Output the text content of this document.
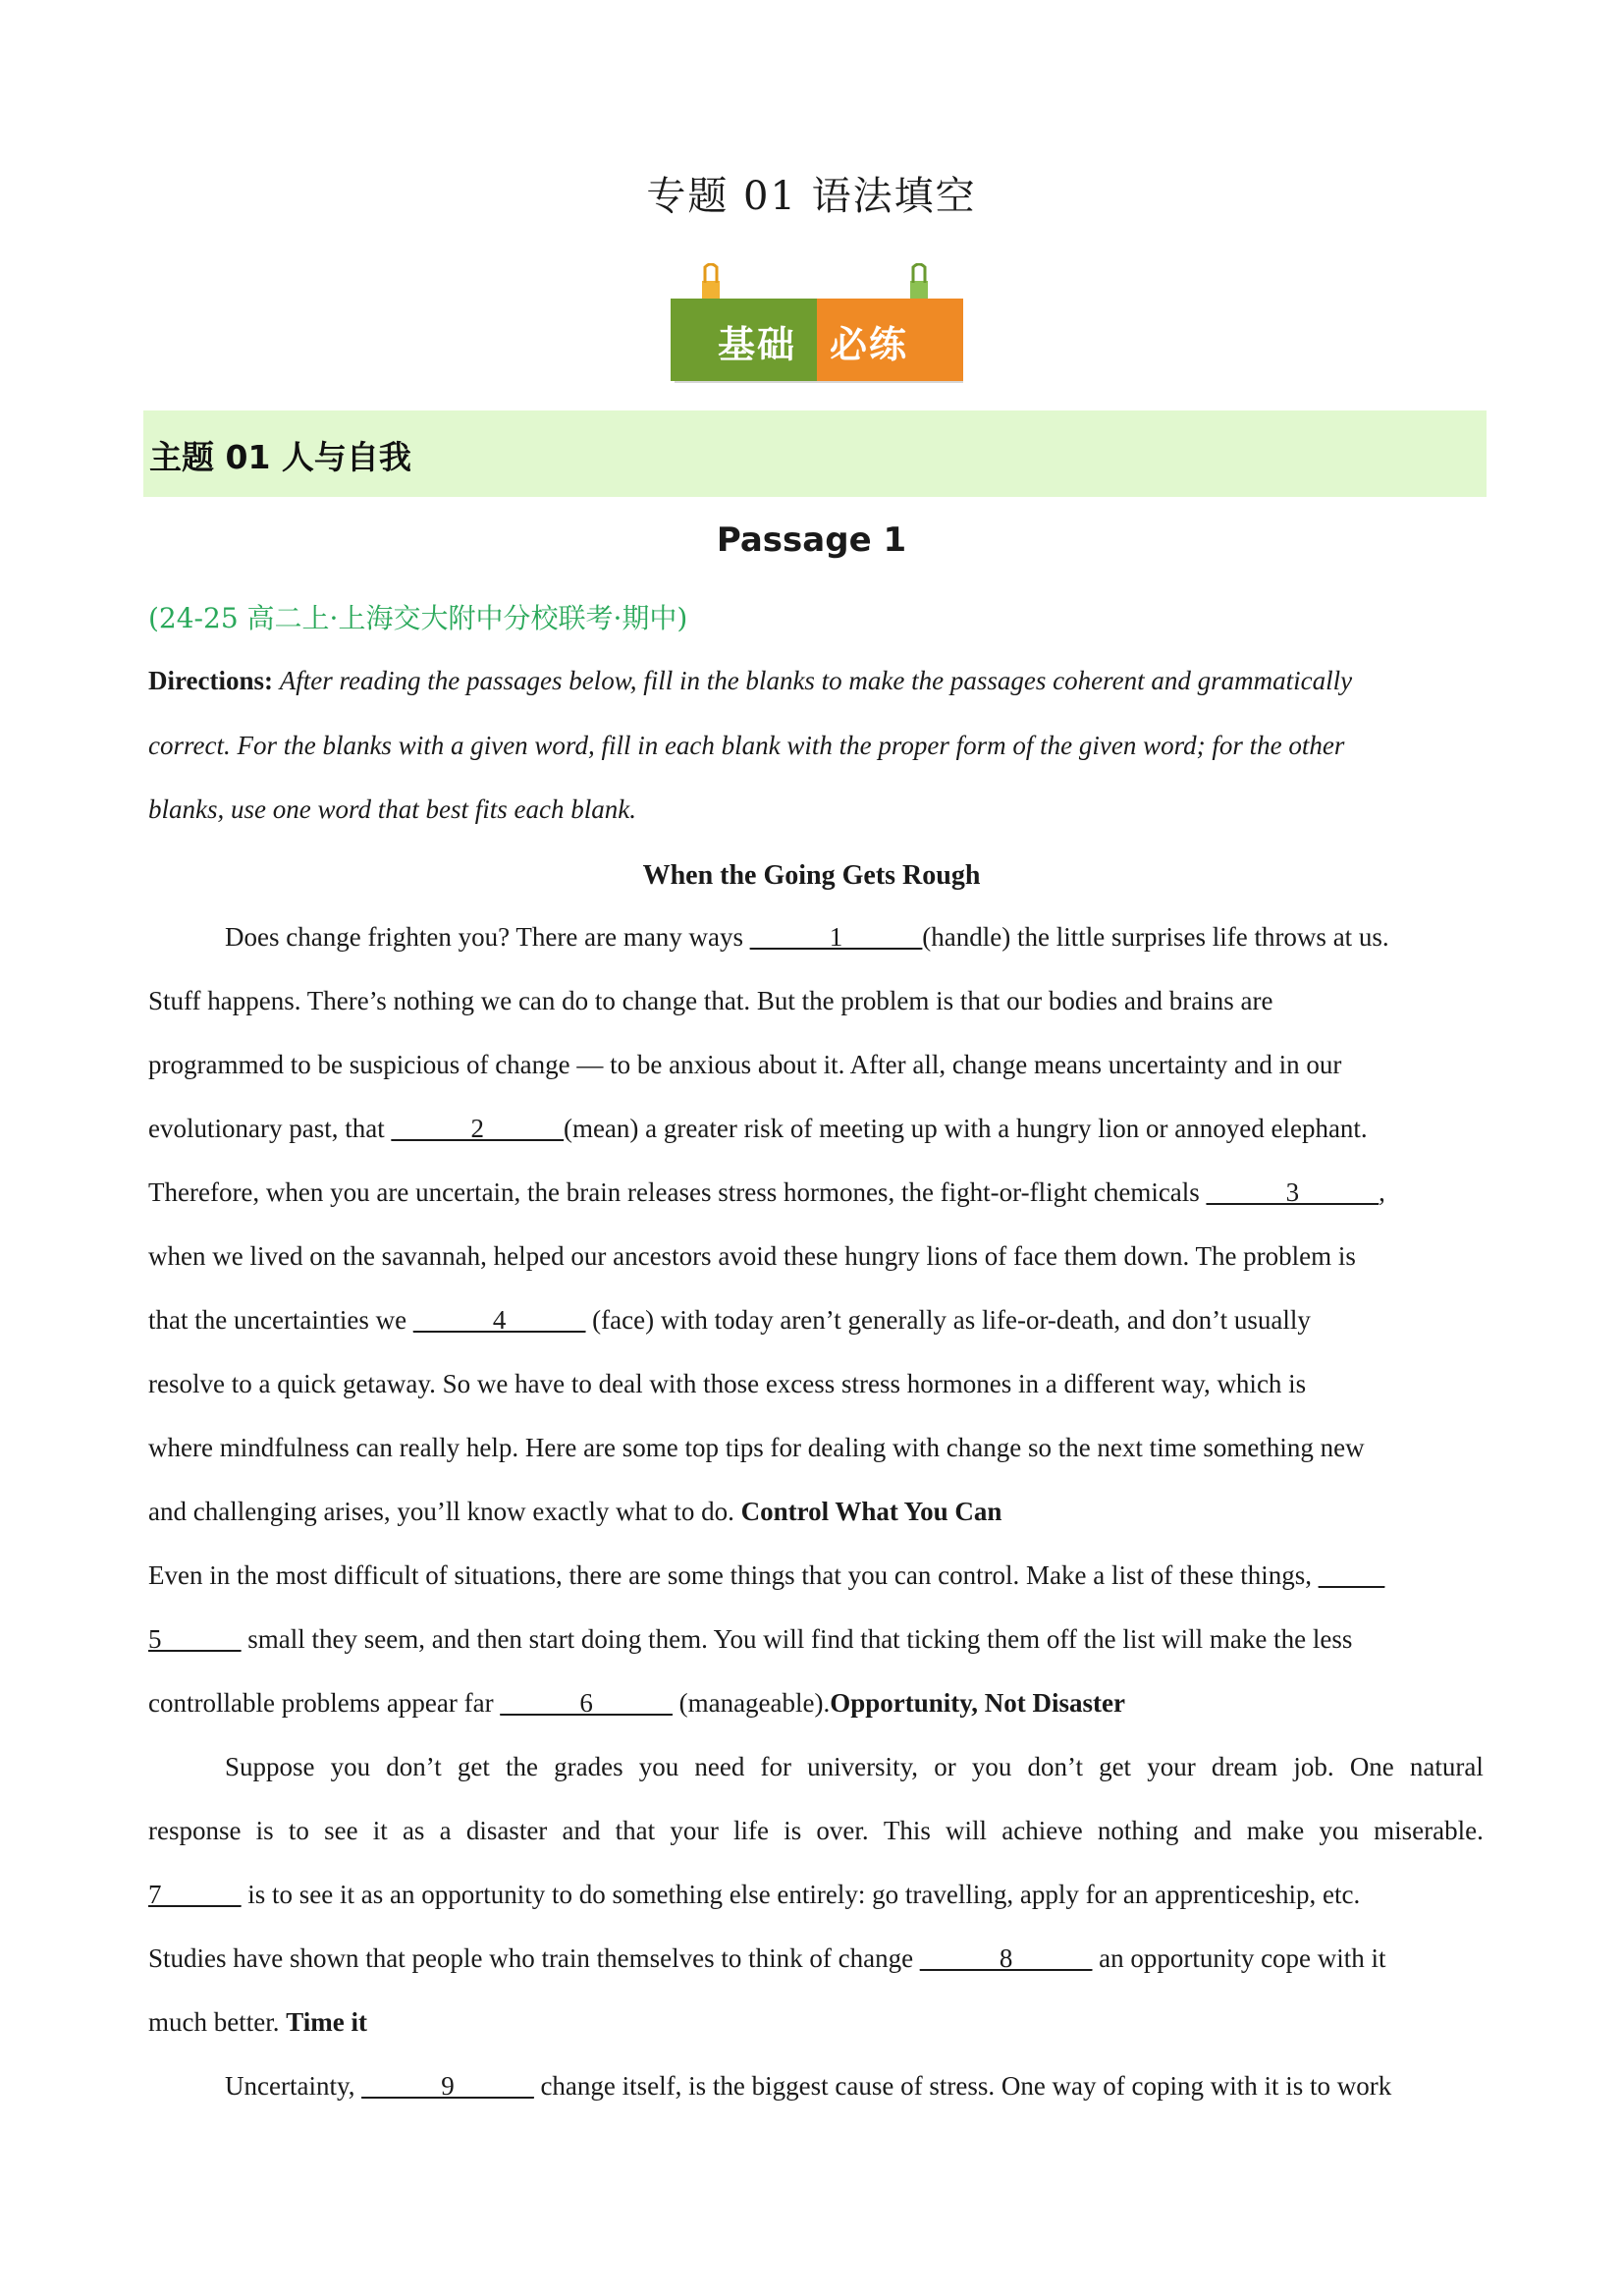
专题 01 语法填空
基础 必练
主题 01 人与自我
Passage 1
(24-25 高二上·上海交大附中分校联考·期中)
Directions: After reading the passages below, fill in the blanks to make the passages coherent and grammatically
correct. For the blanks with a given word, fill in each blank with the proper form of the given word; for the other
blanks, use one word that best fits each blank.
When the Going Gets Rough
Does change frighten you? There are many ways ______1______(handle) the little surprises life throws at us.
Stuff happens. There’s nothing we can do to change that. But the problem is that our bodies and brains are
programmed to be suspicious of change — to be anxious about it. After all, change means uncertainty and in our
evolutionary past, that ______2______(mean) a greater risk of meeting up with a hungry lion or annoyed elephant.
Therefore, when you are uncertain, the brain releases stress hormones, the fight-or-flight chemicals ______3______,
when we lived on the savannah, helped our ancestors avoid these hungry lions of face them down. The problem is
that the uncertainties we ______4______ (face) with today aren’t generally as life-or-death, and don’t usually
resolve to a quick getaway. So we have to deal with those excess stress hormones in a different way, which is
where mindfulness can really help. Here are some top tips for dealing with change so the next time something new
and challenging arises, you’ll know exactly what to do. Control What You Can
Even in the most difficult of situations, there are some things that you can control. Make a list of these things, _____
5______ small they seem, and then start doing them. You will find that ticking them off the list will make the less
controllable problems appear far ______6______ (manageable).Opportunity, Not Disaster
Suppose you don’t get the grades you need for university, or you don’t get your dream job. One natural
response is to see it as a disaster and that your life is over. This will achieve nothing and make you miserable.
7______ is to see it as an opportunity to do something else entirely: go travelling, apply for an apprenticeship, etc.
Studies have shown that people who train themselves to think of change ______8______ an opportunity cope with it
much better. Time it
Uncertainty, ______9______ change itself, is the biggest cause of stress. One way of coping with it is to work
